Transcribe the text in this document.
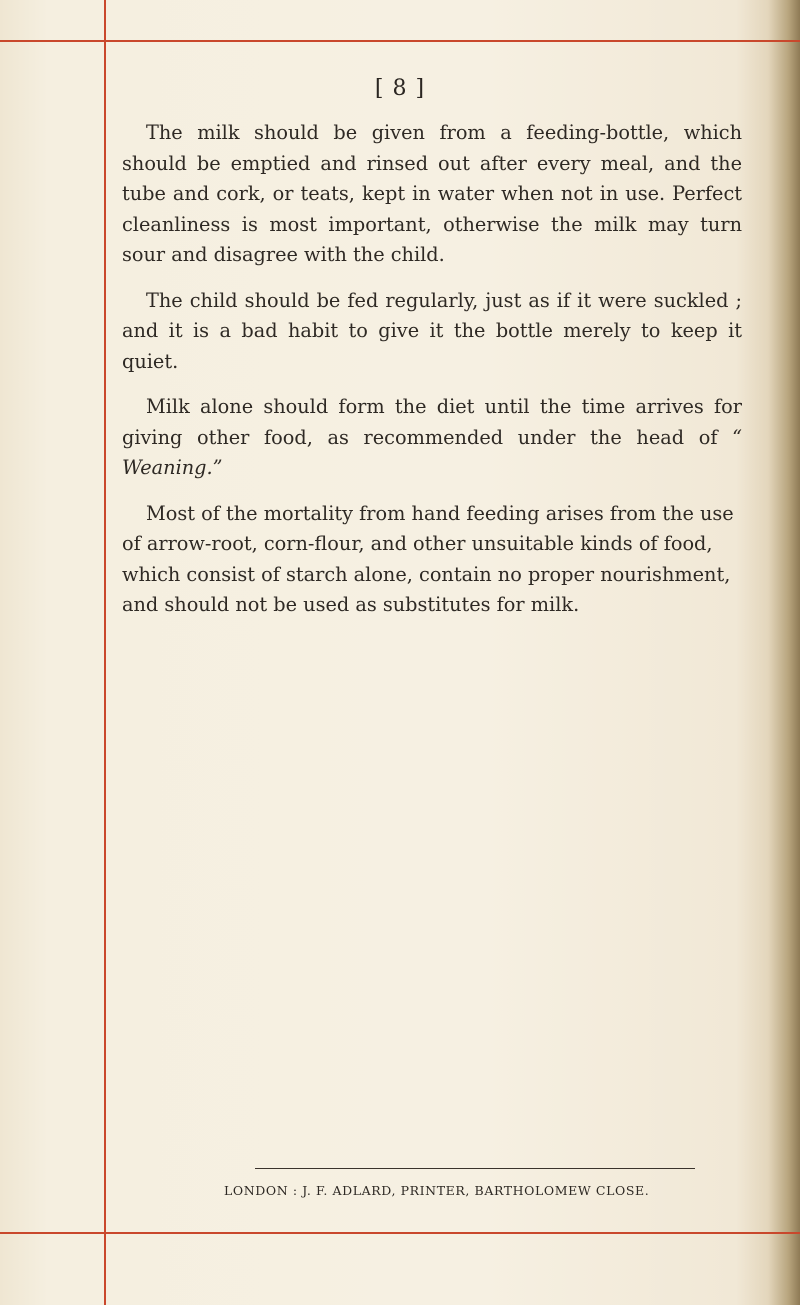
[ 8 ]

The milk should be given from a feeding-bottle, which should be emptied and rinsed out after every meal, and the tube and cork, or teats, kept in water when not in use. Perfect cleanliness is most important, otherwise the milk may turn sour and disagree with the child.

The child should be fed regularly, just as if it were suckled ; and it is a bad habit to give it the bottle merely to keep it quiet.

Milk alone should form the diet until the time arrives for giving other food, as recommended under the head of “ Weaning.”

Most of the mortality from hand feeding arises from the use of arrow-root, corn-flour, and other unsuitable kinds of food, which consist of starch alone, contain no proper nourishment, and should not be used as substitutes for milk.

LONDON : J. F. ADLARD, PRINTER, BARTHOLOMEW CLOSE.
